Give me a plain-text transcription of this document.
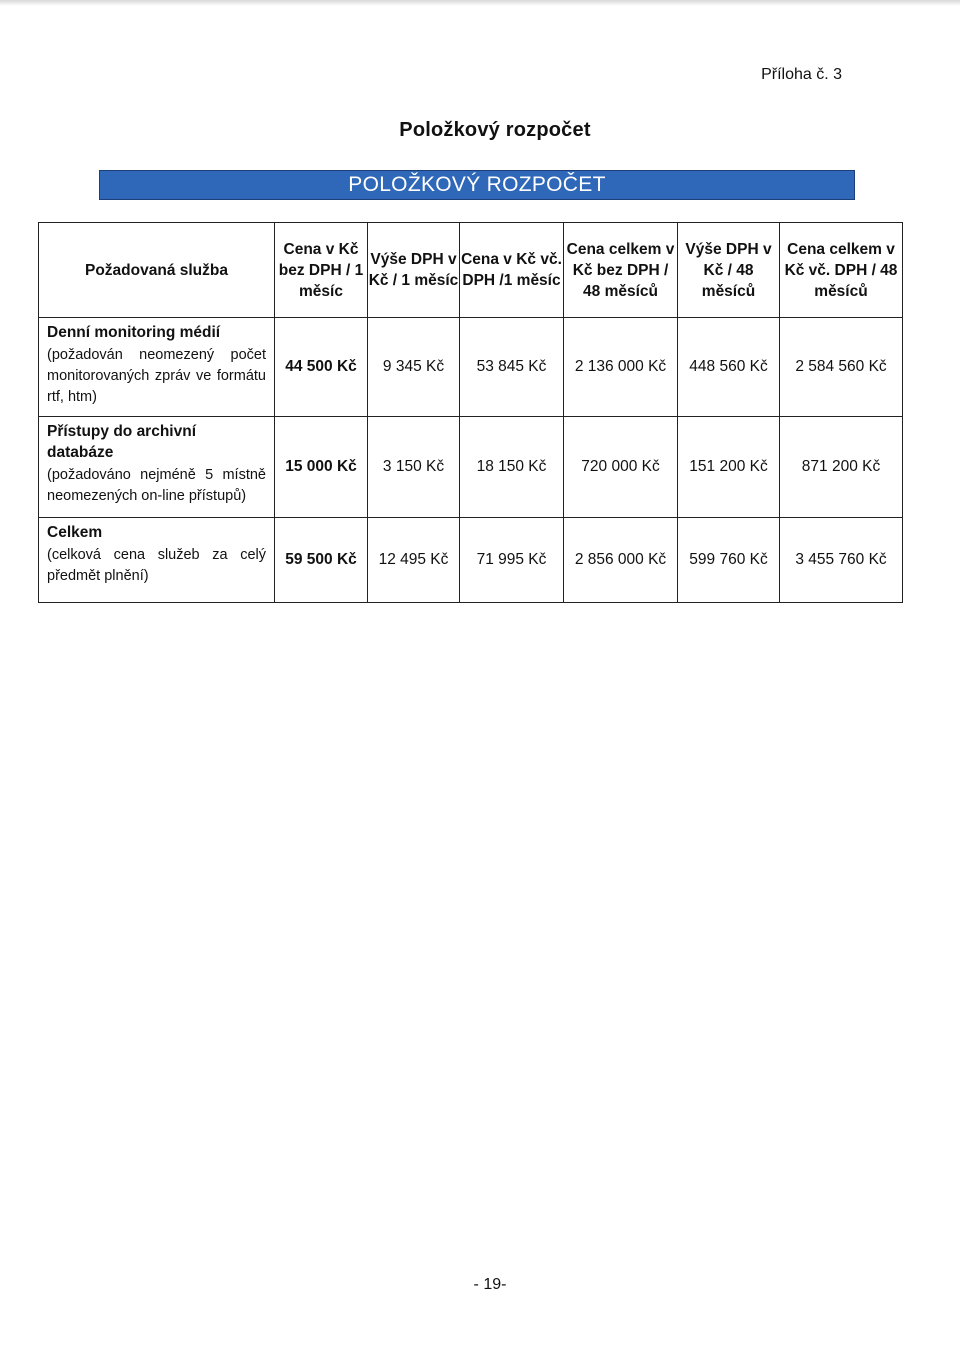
Příloha č. 3
Položkový rozpočet
POLOŽKOVÝ ROZPOČET
Požadovaná služba	Cena v Kč bez DPH / 1 měsíc	Výše DPH v Kč / 1 měsíc	Cena v Kč vč. DPH /1 měsíc	Cena celkem v Kč bez DPH / 48 měsíců	Výše DPH v Kč / 48 měsíců	Cena celkem v Kč vč. DPH / 48 měsíců

Denní monitoring médií
(požadován neomezený počet monitorovaných zpráv ve formátu rtf, htm)	44 500 Kč	9 345 Kč	53 845 Kč	2 136 000 Kč	448 560 Kč	2 584 560 Kč

Přístupy do archivní databáze
(požadováno nejméně 5 místně neomezených on-line přístupů)	15 000 Kč	3 150 Kč	18 150 Kč	720 000 Kč	151 200 Kč	871 200 Kč

Celkem
(celková cena služeb za celý předmět plnění)	59 500 Kč	12 495 Kč	71 995 Kč	2 856 000 Kč	599 760 Kč	3 455 760 Kč
- 19-
